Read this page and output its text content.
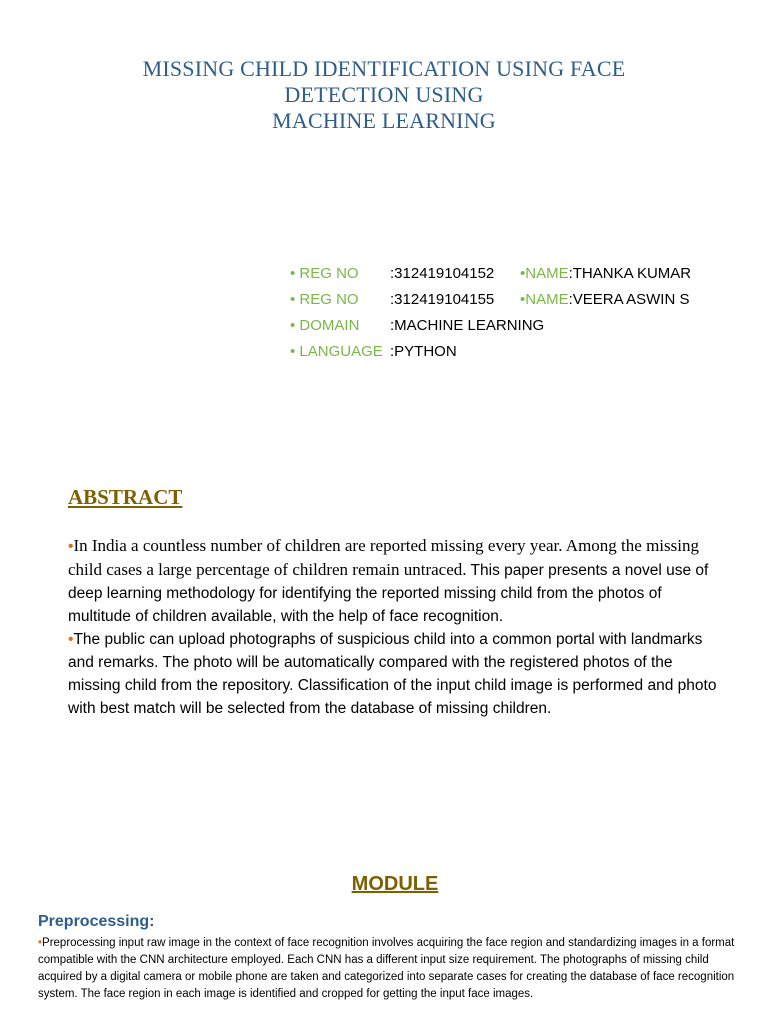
MISSING CHILD IDENTIFICATION USING FACE
DETECTION USING
MACHINE LEARNING
• REG NO :312419104152 •NAME:THANKA KUMAR
• REG NO :312419104155 •NAME:VEERA ASWIN S
• DOMAIN :MACHINE LEARNING
• LANGUAGE :PYTHON
ABSTRACT

•In India a countless number of children are reported missing every year. Among the missing child cases a large percentage of children remain untraced. This paper presents a novel use of deep learning methodology for identifying the reported missing child from the photos of multitude of children available, with the help of face recognition.

•The public can upload photographs of suspicious child into a common portal with landmarks and remarks. The photo will be automatically compared with the registered photos of the missing child from the repository. Classification of the input child image is performed and photo with best match will be selected from the database of missing children.

MODULE
Preprocessing:
•Preprocessing input raw image in the context of face recognition involves acquiring the face region and standardizing images in a format compatible with the CNN architecture employed. Each CNN has a different input size requirement. The photographs of missing child acquired by a digital camera or mobile phone are taken and categorized into separate cases for creating the database of face recognition system. The face region in each image is identified and cropped for getting the input face images.
